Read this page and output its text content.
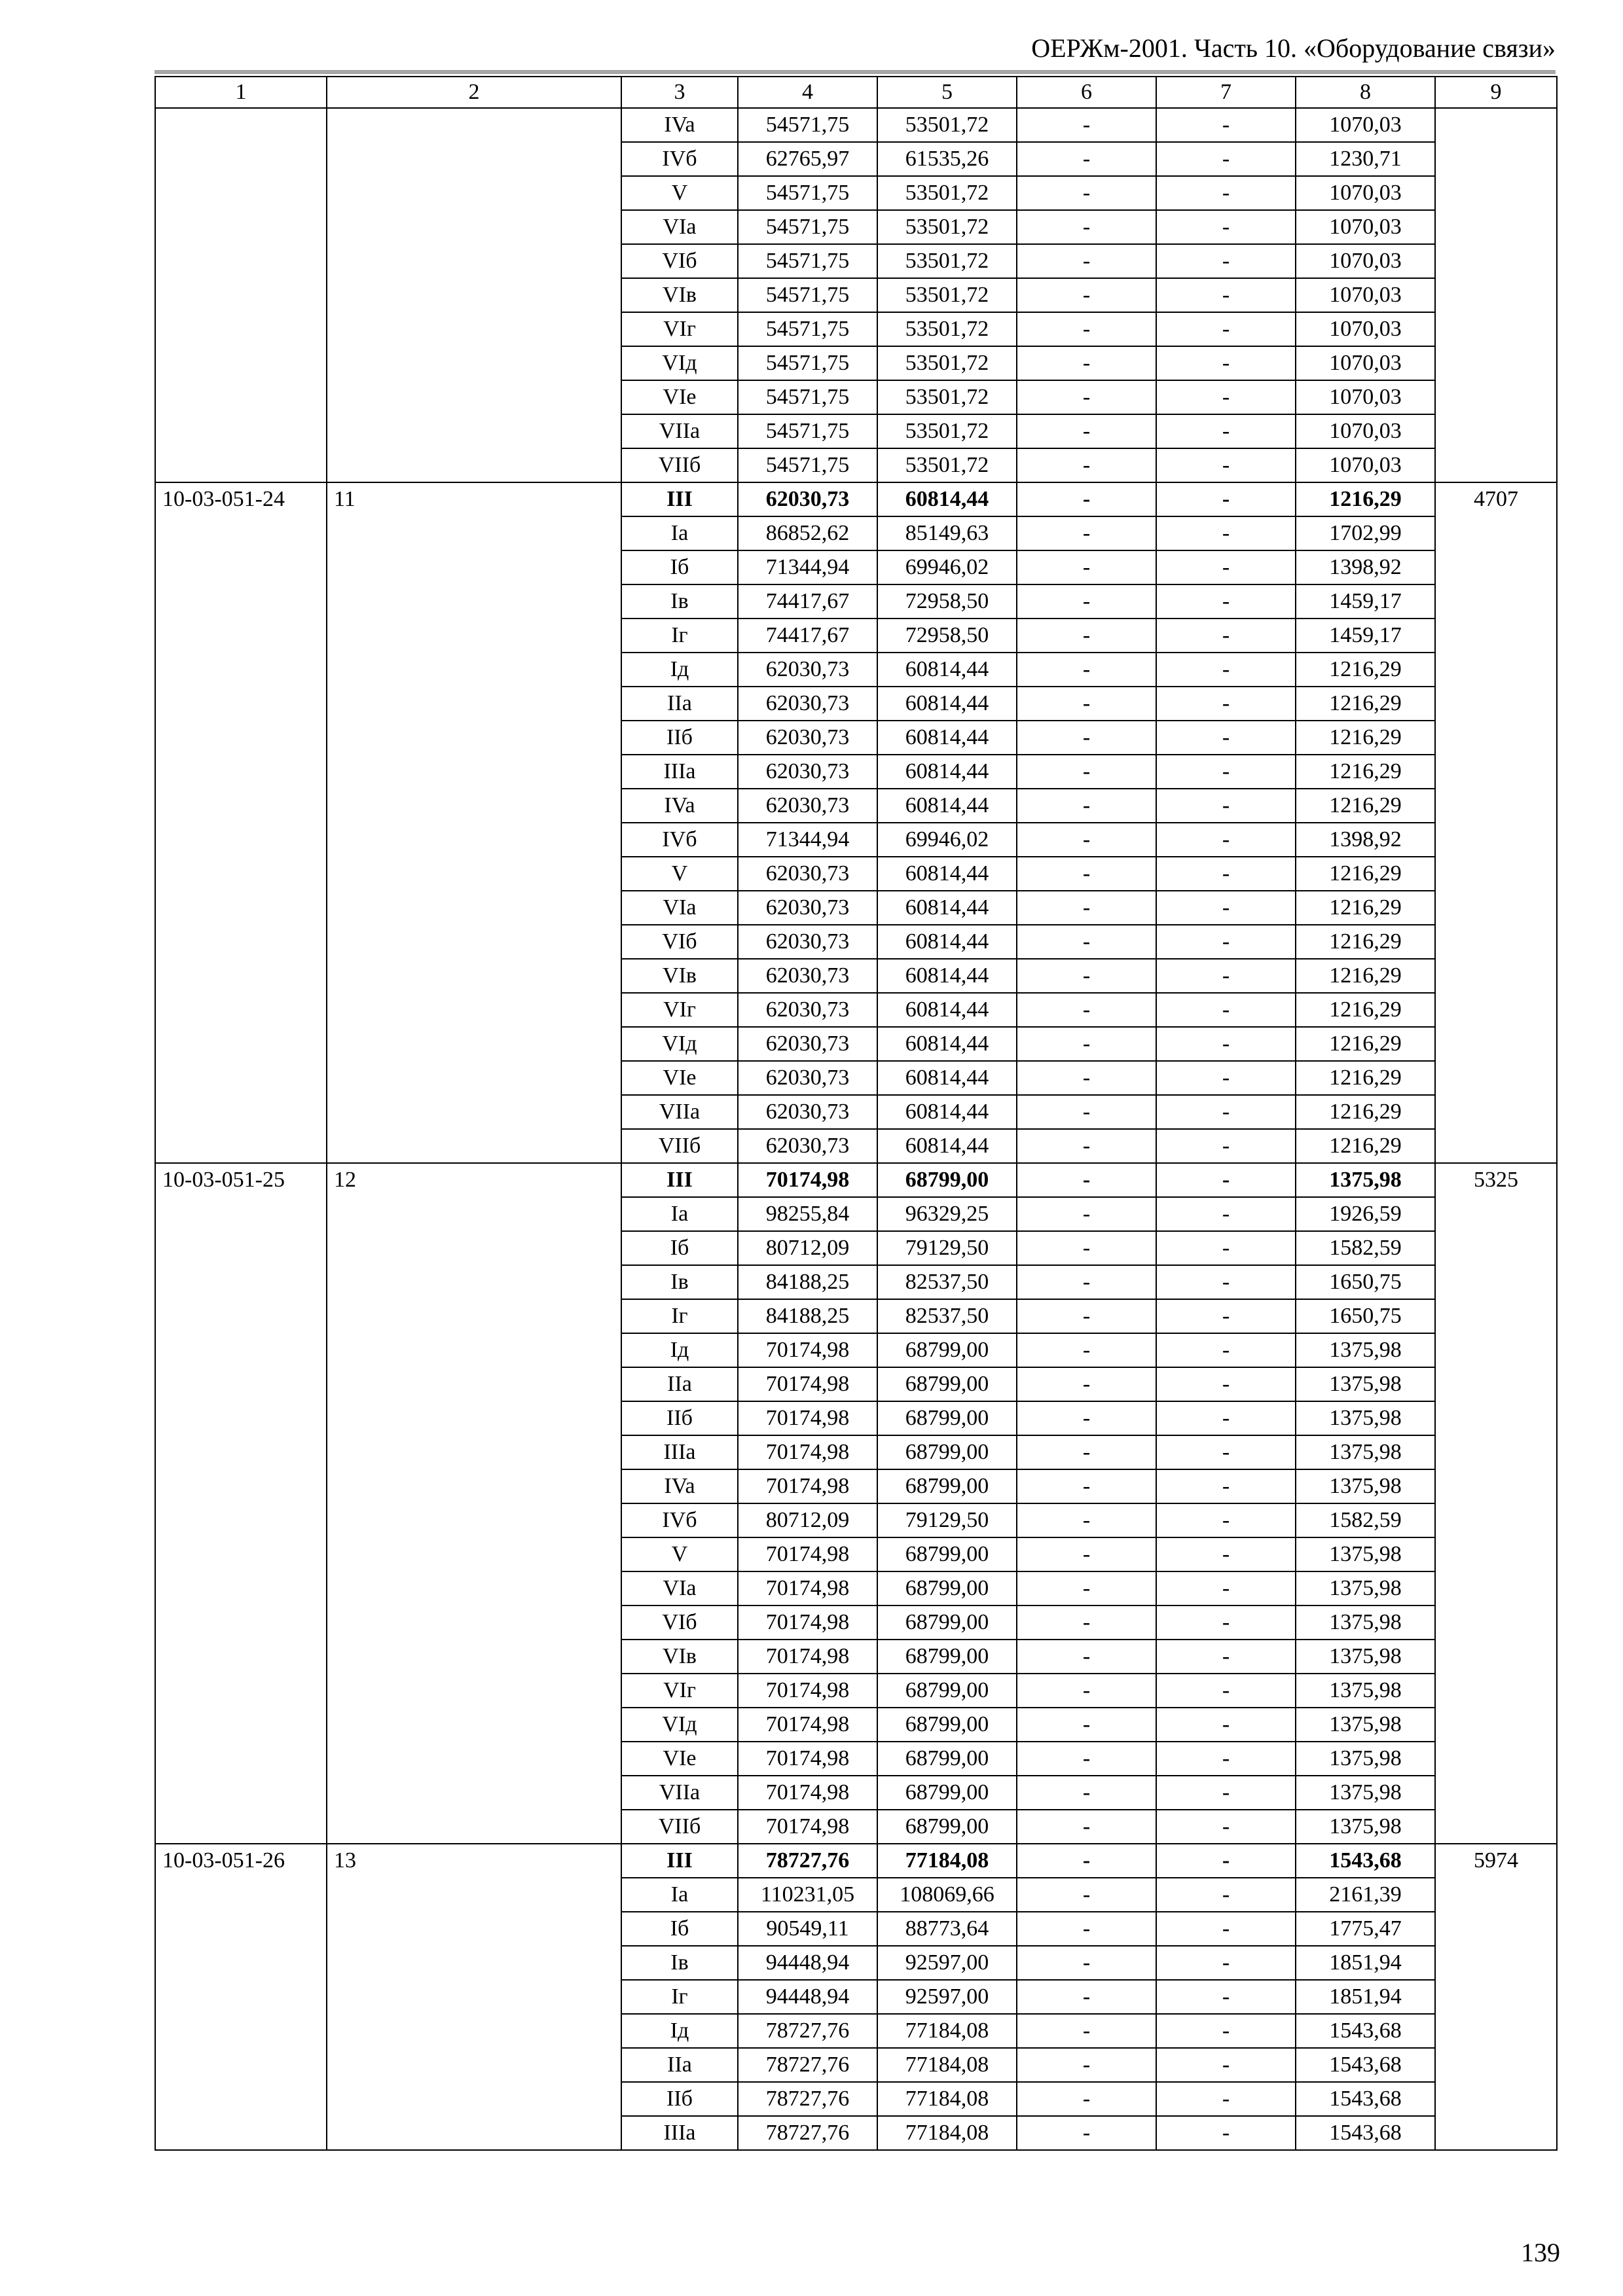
ОЕРЖм-2001. Часть 10. «Оборудование связи»
1	2	3	4	5	6	7	8	9
		IVa	54571,75	53501,72	-	-	1070,03	
		IVб	62765,97	61535,26	-	-	1230,71	
		V	54571,75	53501,72	-	-	1070,03	
		VIa	54571,75	53501,72	-	-	1070,03	
		VIб	54571,75	53501,72	-	-	1070,03	
		VIв	54571,75	53501,72	-	-	1070,03	
		VIг	54571,75	53501,72	-	-	1070,03	
		VIд	54571,75	53501,72	-	-	1070,03	
		VIе	54571,75	53501,72	-	-	1070,03	
		VIIa	54571,75	53501,72	-	-	1070,03	
		VIIб	54571,75	53501,72	-	-	1070,03	
10-03-051-24	11	III	62030,73	60814,44	-	-	1216,29	4707
		Ia	86852,62	85149,63	-	-	1702,99	
		Iб	71344,94	69946,02	-	-	1398,92	
		Iв	74417,67	72958,50	-	-	1459,17	
		Iг	74417,67	72958,50	-	-	1459,17	
		Iд	62030,73	60814,44	-	-	1216,29	
		IIa	62030,73	60814,44	-	-	1216,29	
		IIб	62030,73	60814,44	-	-	1216,29	
		IIIa	62030,73	60814,44	-	-	1216,29	
		IVa	62030,73	60814,44	-	-	1216,29	
		IVб	71344,94	69946,02	-	-	1398,92	
		V	62030,73	60814,44	-	-	1216,29	
		VIa	62030,73	60814,44	-	-	1216,29	
		VIб	62030,73	60814,44	-	-	1216,29	
		VIв	62030,73	60814,44	-	-	1216,29	
		VIг	62030,73	60814,44	-	-	1216,29	
		VIд	62030,73	60814,44	-	-	1216,29	
		VIе	62030,73	60814,44	-	-	1216,29	
		VIIa	62030,73	60814,44	-	-	1216,29	
		VIIб	62030,73	60814,44	-	-	1216,29	
10-03-051-25	12	III	70174,98	68799,00	-	-	1375,98	5325
		Ia	98255,84	96329,25	-	-	1926,59	
		Iб	80712,09	79129,50	-	-	1582,59	
		Iв	84188,25	82537,50	-	-	1650,75	
		Iг	84188,25	82537,50	-	-	1650,75	
		Iд	70174,98	68799,00	-	-	1375,98	
		IIa	70174,98	68799,00	-	-	1375,98	
		IIб	70174,98	68799,00	-	-	1375,98	
		IIIa	70174,98	68799,00	-	-	1375,98	
		IVa	70174,98	68799,00	-	-	1375,98	
		IVб	80712,09	79129,50	-	-	1582,59	
		V	70174,98	68799,00	-	-	1375,98	
		VIa	70174,98	68799,00	-	-	1375,98	
		VIб	70174,98	68799,00	-	-	1375,98	
		VIв	70174,98	68799,00	-	-	1375,98	
		VIг	70174,98	68799,00	-	-	1375,98	
		VIд	70174,98	68799,00	-	-	1375,98	
		VIе	70174,98	68799,00	-	-	1375,98	
		VIIa	70174,98	68799,00	-	-	1375,98	
		VIIб	70174,98	68799,00	-	-	1375,98	
10-03-051-26	13	III	78727,76	77184,08	-	-	1543,68	5974
		Ia	110231,05	108069,66	-	-	2161,39	
		Iб	90549,11	88773,64	-	-	1775,47	
		Iв	94448,94	92597,00	-	-	1851,94	
		Iг	94448,94	92597,00	-	-	1851,94	
		Iд	78727,76	77184,08	-	-	1543,68	
		IIa	78727,76	77184,08	-	-	1543,68	
		IIб	78727,76	77184,08	-	-	1543,68	
		IIIa	78727,76	77184,08	-	-	1543,68	
139
